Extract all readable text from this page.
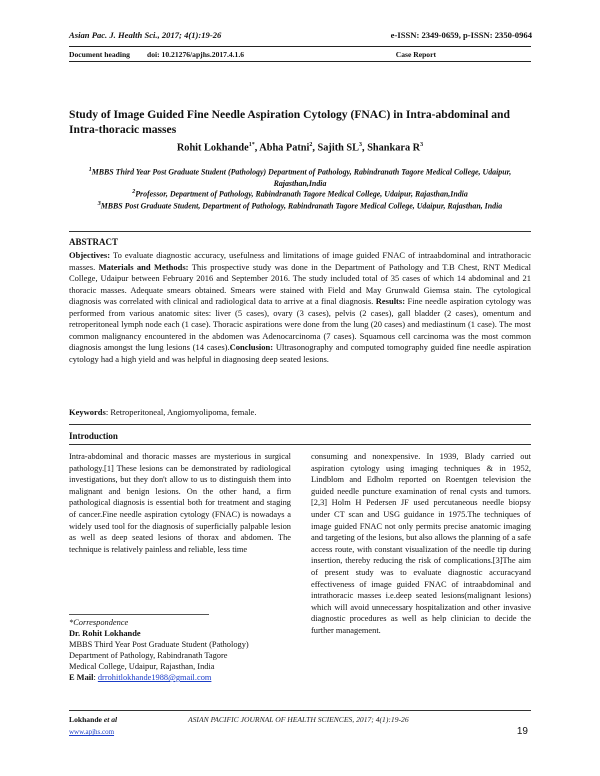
Asian Pac. J. Health Sci., 2017; 4(1):19-26	e-ISSN: 2349-0659, p-ISSN: 2350-0964
Document heading doi: 10.21276/apjhs.2017.4.1.6	Case Report
Study of Image Guided Fine Needle Aspiration Cytology (FNAC) in Intra-abdominal and Intra-thoracic masses
Rohit Lokhande$^{1*}$, Abha Patni$^2$, Sajith $SL^3$, Shankara $R^3$
$^1$MBBS Third Year Post Graduate Student (Pathology) Department of Pathology, Rabindranath Tagore Medical College, Udaipur, Rajasthan,India
$^2$Professor, Department of Pathology, Rabindranath Tagore Medical College, Udaipur, Rajasthan,India
$^3$MBBS Post Graduate Student, Department of Pathology, Rabindranath Tagore Medical College, Udaipur, Rajasthan, India
ABSTRACT
Objectives: To evaluate diagnostic accuracy, usefulness and limitations of image guided FNAC of intraabdominal and intrathoracic masses. Materials and Methods: This prospective study was done in the Department of Pathology and T.B Chest, RNT Medical College, Udaipur between February 2016 and September 2016. The study included total of 35 cases of which 14 abdominal and 21 thoracic masses. Adequate smears obtained. Smears were stained with Field and May Grunwald Giemsa stain. The cytological diagnosis was correlated with clinical and radiological data to arrive at a final diagnosis. Results: Fine needle aspiration cytology was performed from various anatomic sites: liver (5 cases), ovary (3 cases), pelvis (2 cases), gall bladder (2 cases), omentum and retroperitoneal lymph node each (1 case). Thoracic aspirations were done from the lung (20 cases) and mediastinum (1 case). The most common malignancy encountered in the abdomen was Adenocarcinoma (7 cases). Squamous cell carcinoma was the most common diagnosis amongst the lung lesions (14 cases).Conclusion: Ultrasonography and computed tomography guided fine needle aspiration cytology had a high yield and was helpful in diagnosing deep seated lesions.
Keywords: Retroperitoneal, Angiomyolipoma, female.
Introduction
Intra-abdominal and thoracic masses are mysterious in surgical pathology.[1] These lesions can be demonstrated by radiological investigations, but they don't allow to us to distinguish them into malignant and benign lesions. On the other hand, a firm pathological diagnosis is essential both for treatment and staging of cancer.Fine needle aspiration cytology (FNAC) is nowadays a widely used tool for the diagnosis of superficially palpable lesion as well as deep seated lesions of thorax and abdomen. The technique is relatively painless and reliable, less time
consuming and nonexpensive. In 1939, Blady carried out aspiration cytology using imaging techniques & in 1952, Lindblom and Edholm reported on Roentgen television the guided needle puncture examination of renal cysts and tumors.[2,3] Holm H Pedersen JF used percutaneous needle biopsy under CT scan and USG guidance in 1975.The techniques of image guided FNAC not only permits precise anatomic imaging and targeting of the lesions, but also allows the planning of a safe access route, with constant visualization of the needle tip during insertion, thereby reducing the risk of complications.[3]The aim of present study was to evaluate diagnostic accuracyand effectiveness of image guided FNAC of intraabdominal and intrathoracic masses i.e.deep seated lesions(malignant lesions) which will avoid unnecessary hospitalization and other invasive diagnostic procedures as well as help clinician to decide the further management.
*Correspondence
Dr. Rohit Lokhande
MBBS Third Year Post Graduate Student (Pathology)
Department of Pathology, Rabindranath Tagore
Medical College, Udaipur, Rajasthan, India
E Mail: drrohitlokhande1988@gmail.com
Lokhande et al	ASIAN PACIFIC JOURNAL OF HEALTH SCIENCES, 2017; 4(1):19-26
www.apjhs.com	19
